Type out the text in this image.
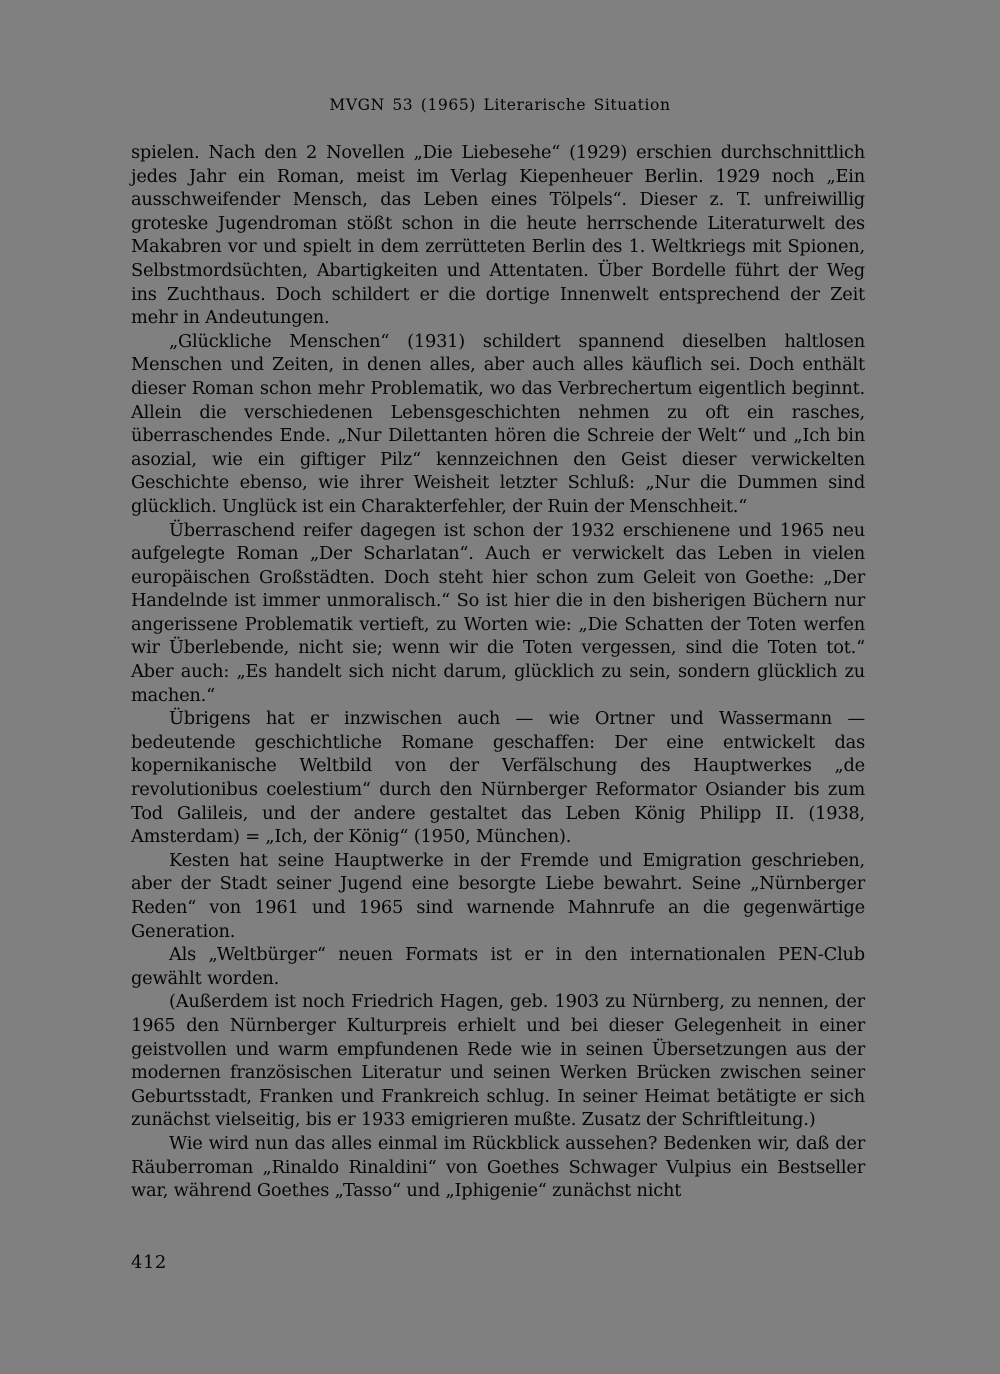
MVGN 53 (1965) Literarische Situation

spielen. Nach den 2 Novellen „Die Liebesehe“ (1929) erschien durchschnittlich jedes Jahr ein Roman, meist im Verlag Kiepenheuer Berlin. 1929 noch „Ein ausschweifender Mensch, das Leben eines Tölpels“. Dieser z. T. unfreiwillig groteske Jugendroman stößt schon in die heute herrschende Literaturwelt des Makabren vor und spielt in dem zerrütteten Berlin des 1. Weltkriegs mit Spionen, Selbstmordsüchten, Abartigkeiten und Attentaten. Über Bordelle führt der Weg ins Zuchthaus. Doch schildert er die dortige Innenwelt entsprechend der Zeit mehr in Andeutungen.

„Glückliche Menschen“ (1931) schildert spannend dieselben haltlosen Menschen und Zeiten, in denen alles, aber auch alles käuflich sei. Doch enthält dieser Roman schon mehr Problematik, wo das Verbrechertum eigentlich beginnt. Allein die verschiedenen Lebensgeschichten nehmen zu oft ein rasches, überraschendes Ende. „Nur Dilettanten hören die Schreie der Welt“ und „Ich bin asozial, wie ein giftiger Pilz“ kennzeichnen den Geist dieser verwickelten Geschichte ebenso, wie ihrer Weisheit letzter Schluß: „Nur die Dummen sind glücklich. Unglück ist ein Charakterfehler, der Ruin der Menschheit.“

Überraschend reifer dagegen ist schon der 1932 erschienene und 1965 neu aufgelegte Roman „Der Scharlatan“. Auch er verwickelt das Leben in vielen europäischen Großstädten. Doch steht hier schon zum Geleit von Goethe: „Der Handelnde ist immer unmoralisch.“ So ist hier die in den bisherigen Büchern nur angerissene Problematik vertieft, zu Worten wie: „Die Schatten der Toten werfen wir Überlebende, nicht sie; wenn wir die Toten vergessen, sind die Toten tot.“ Aber auch: „Es handelt sich nicht darum, glücklich zu sein, sondern glücklich zu machen.“

Übrigens hat er inzwischen auch — wie Ortner und Wassermann — bedeutende geschichtliche Romane geschaffen: Der eine entwickelt das kopernikanische Weltbild von der Verfälschung des Hauptwerkes „de revolutionibus coelestium“ durch den Nürnberger Reformator Osiander bis zum Tod Galileis, und der andere gestaltet das Leben König Philipp II. (1938, Amsterdam) = „Ich, der König“ (1950, München).

Kesten hat seine Hauptwerke in der Fremde und Emigration geschrieben, aber der Stadt seiner Jugend eine besorgte Liebe bewahrt. Seine „Nürnberger Reden“ von 1961 und 1965 sind warnende Mahnrufe an die gegenwärtige Generation.

Als „Weltbürger“ neuen Formats ist er in den internationalen PEN-Club gewählt worden.

(Außerdem ist noch Friedrich Hagen, geb. 1903 zu Nürnberg, zu nennen, der 1965 den Nürnberger Kulturpreis erhielt und bei dieser Gelegenheit in einer geistvollen und warm empfundenen Rede wie in seinen Übersetzungen aus der modernen französischen Literatur und seinen Werken Brücken zwischen seiner Geburtsstadt, Franken und Frankreich schlug. In seiner Heimat betätigte er sich zunächst vielseitig, bis er 1933 emigrieren mußte. Zusatz der Schriftleitung.)

Wie wird nun das alles einmal im Rückblick aussehen? Bedenken wir, daß der Räuberroman „Rinaldo Rinaldini“ von Goethes Schwager Vulpius ein Bestseller war, während Goethes „Tasso“ und „Iphigenie“ zunächst nicht

412
